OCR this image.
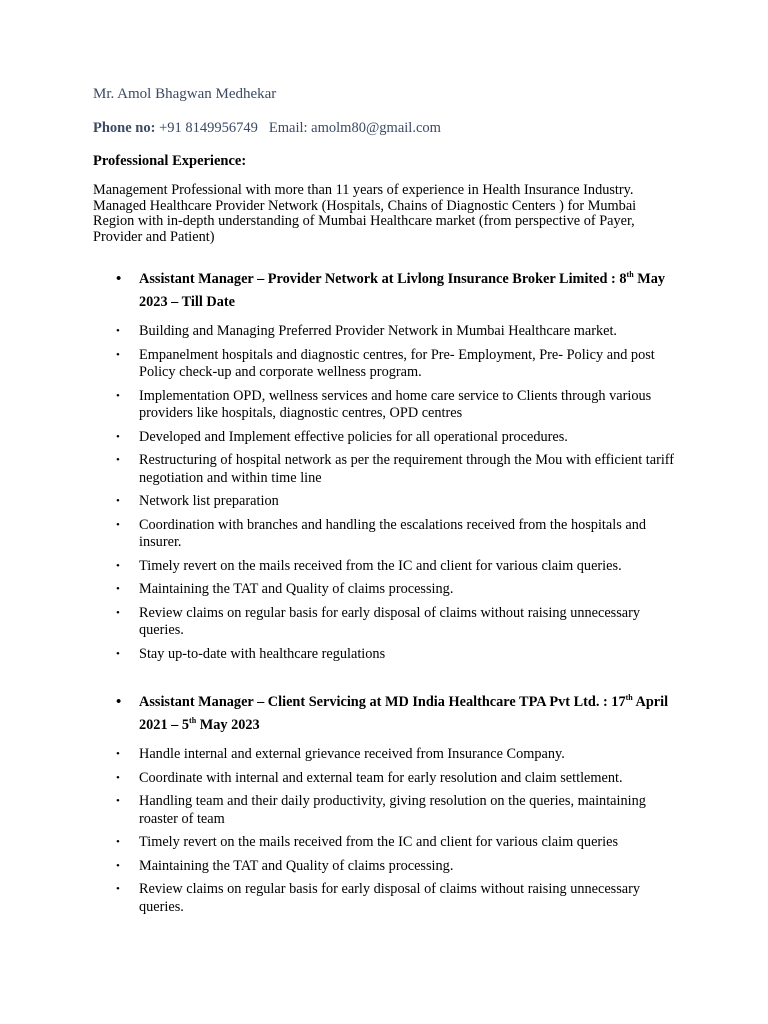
Mr. Amol Bhagwan Medhekar
Phone no: +91 8149956749 Email: amolm80@gmail.com
Professional Experience:
Management Professional with more than 11 years of experience in Health Insurance Industry. Managed Healthcare Provider Network (Hospitals, Chains of Diagnostic Centers ) for Mumbai Region with in-depth understanding of Mumbai Healthcare market (from perspective of Payer, Provider and Patient)
• Assistant Manager – Provider Network at Livlong Insurance Broker Limited : 8th May 2023 – Till Date
• Building and Managing Preferred Provider Network in Mumbai Healthcare market.
• Empanelment hospitals and diagnostic centres, for Pre- Employment, Pre- Policy and post Policy check-up and corporate wellness program.
• Implementation OPD, wellness services and home care service to Clients through various providers like hospitals, diagnostic centres, OPD centres
• Developed and Implement effective policies for all operational procedures.
• Restructuring of hospital network as per the requirement through the Mou with efficient tariff negotiation and within time line
• Network list preparation
• Coordination with branches and handling the escalations received from the hospitals and insurer.
• Timely revert on the mails received from the IC and client for various claim queries.
• Maintaining the TAT and Quality of claims processing.
• Review claims on regular basis for early disposal of claims without raising unnecessary queries.
• Stay up-to-date with healthcare regulations
• Assistant Manager – Client Servicing at MD India Healthcare TPA Pvt Ltd. : 17th April 2021 – 5th May 2023
• Handle internal and external grievance received from Insurance Company.
• Coordinate with internal and external team for early resolution and claim settlement.
• Handling team and their daily productivity, giving resolution on the queries, maintaining roaster of team
• Timely revert on the mails received from the IC and client for various claim queries
• Maintaining the TAT and Quality of claims processing.
• Review claims on regular basis for early disposal of claims without raising unnecessary queries.
